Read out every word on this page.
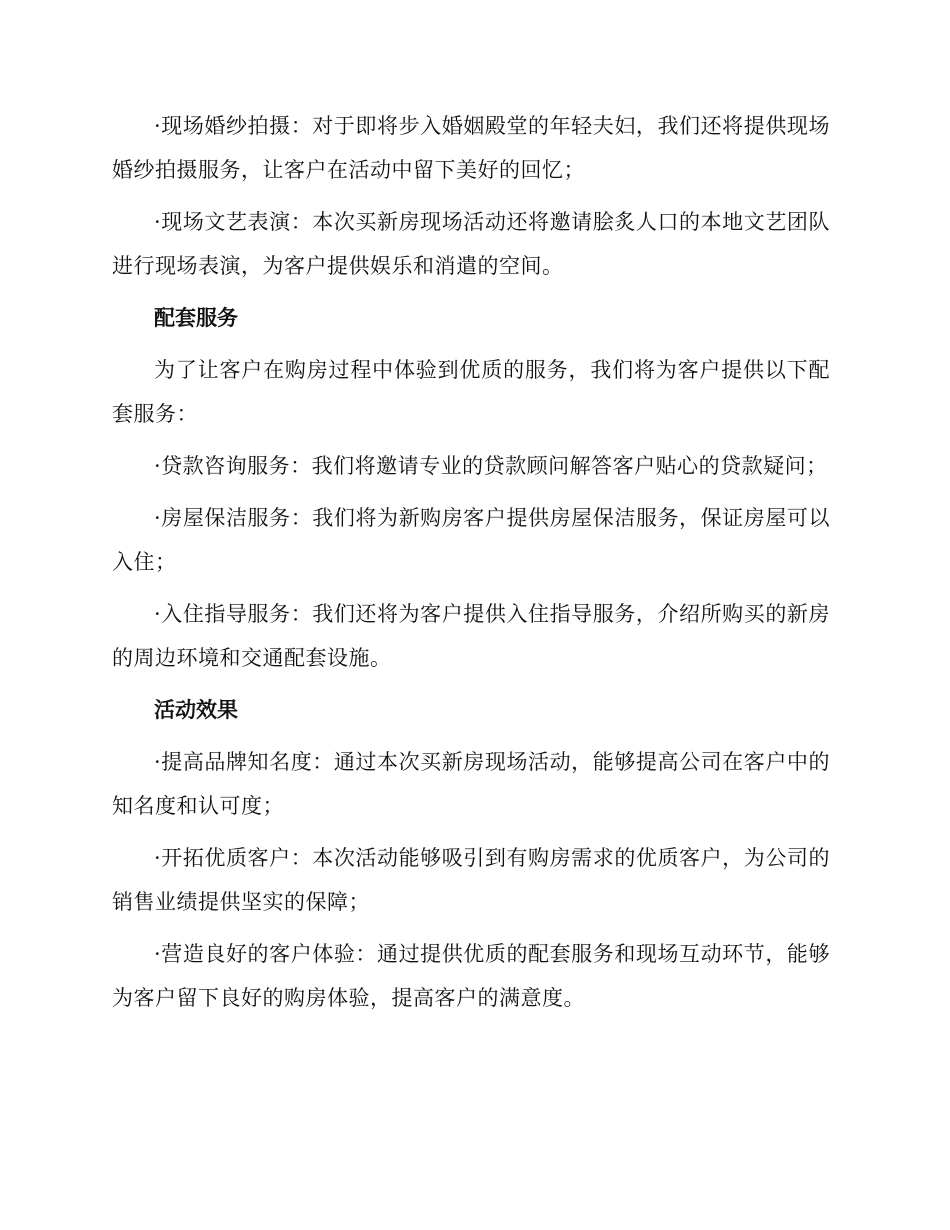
·现场婚纱拍摄：对于即将步入婚姻殿堂的年轻夫妇，我们还将提供现场婚纱拍摄服务，让客户在活动中留下美好的回忆；

·现场文艺表演：本次买新房现场活动还将邀请脍炙人口的本地文艺团队进行现场表演，为客户提供娱乐和消遣的空间。

配套服务

为了让客户在购房过程中体验到优质的服务，我们将为客户提供以下配套服务：

·贷款咨询服务：我们将邀请专业的贷款顾问解答客户贴心的贷款疑问；

·房屋保洁服务：我们将为新购房客户提供房屋保洁服务，保证房屋可以入住；

·入住指导服务：我们还将为客户提供入住指导服务，介绍所购买的新房的周边环境和交通配套设施。

活动效果

·提高品牌知名度：通过本次买新房现场活动，能够提高公司在客户中的知名度和认可度；

·开拓优质客户：本次活动能够吸引到有购房需求的优质客户，为公司的销售业绩提供坚实的保障；

·营造良好的客户体验：通过提供优质的配套服务和现场互动环节，能够为客户留下良好的购房体验，提高客户的满意度。
